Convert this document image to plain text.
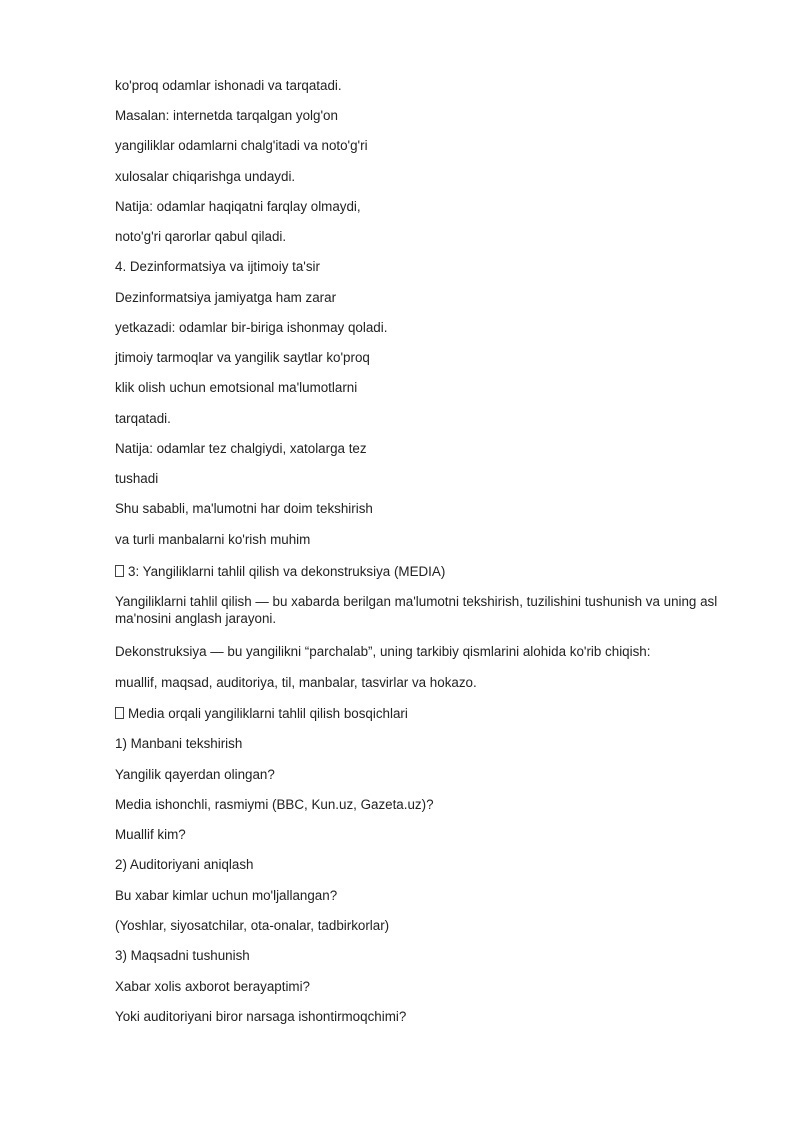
ko'proq odamlar ishonadi va tarqatadi.

Masalan: internetda tarqalgan yolg'on

yangiliklar odamlarni chalg'itadi va noto'g'ri

xulosalar chiqarishga undaydi.

Natija: odamlar haqiqatni farqlay olmaydi,

noto'g'ri qarorlar qabul qiladi.

4. Dezinformatsiya va ijtimoiy ta'sir

Dezinformatsiya jamiyatga ham zarar

yetkazadi: odamlar bir-biriga ishonmay qoladi.

jtimoiy tarmoqlar va yangilik saytlar ko'proq

klik olish uchun emotsional ma'lumotlarni

tarqatadi.

Natija: odamlar tez chalgiydi, xatolarga tez

tushadi

Shu sababli, ma'lumotni har doim tekshirish

va turli manbalarni ko'rish muhim

3: Yangiliklarni tahlil qilish va dekonstruksiya (MEDIA)

Yangiliklarni tahlil qilish — bu xabarda berilgan ma'lumotni tekshirish, tuzilishini tushunish va uning asl ma'nosini anglash jarayoni.

Dekonstruksiya — bu yangilikni “parchalab”, uning tarkibiy qismlarini alohida ko'rib chiqish:

muallif, maqsad, auditoriya, til, manbalar, tasvirlar va hokazo.

Media orqali yangiliklarni tahlil qilish bosqichlari

1) Manbani tekshirish

Yangilik qayerdan olingan?

Media ishonchli, rasmiymi (BBC, Kun.uz, Gazeta.uz)?

Muallif kim?

2) Auditoriyani aniqlash

Bu xabar kimlar uchun mo'ljallangan?

(Yoshlar, siyosatchilar, ota-onalar, tadbirkorlar)

3) Maqsadni tushunish

Xabar xolis axborot berayaptimi?

Yoki auditoriyani biror narsaga ishontirmoqchimi?
